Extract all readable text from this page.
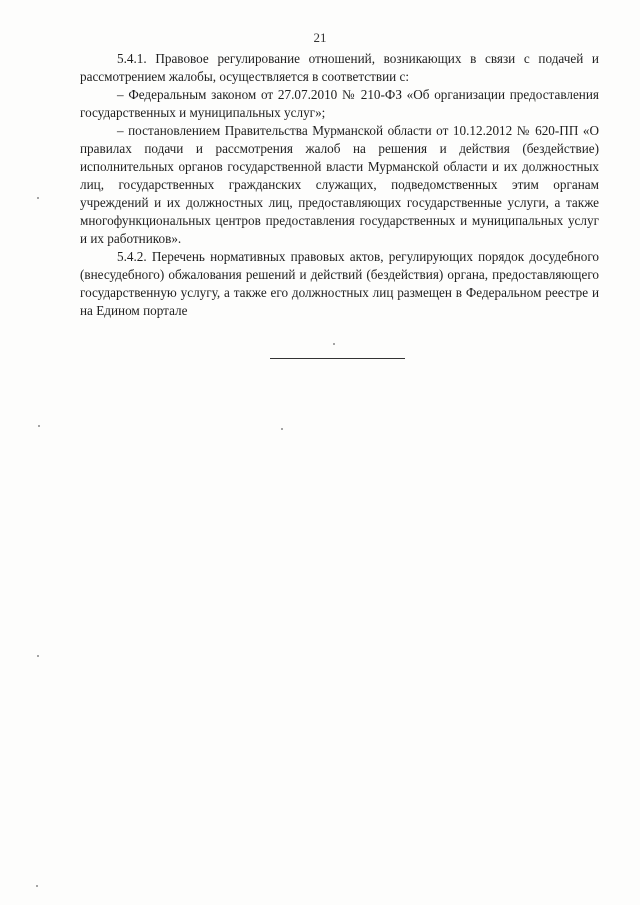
21

5.4.1. Правовое регулирование отношений, возникающих в связи с подачей и рассмотрением жалобы, осуществляется в соответствии с:

– Федеральным законом от 27.07.2010 № 210-ФЗ «Об организации предоставления государственных и муниципальных услуг»;

– постановлением Правительства Мурманской области от 10.12.2012 № 620-ПП «О правилах подачи и рассмотрения жалоб на решения и действия (бездействие) исполнительных органов государственной власти Мурманской области и их должностных лиц, государственных гражданских служащих, подведомственных этим органам учреждений и их должностных лиц, предоставляющих государственные услуги, а также многофункциональных центров предоставления государственных и муниципальных услуг и их работников».

5.4.2. Перечень нормативных правовых актов, регулирующих порядок досудебного (внесудебного) обжалования решений и действий (бездействия) органа, предоставляющего государственную услугу, а также его должностных лиц размещен в Федеральном реестре и на Едином портале
